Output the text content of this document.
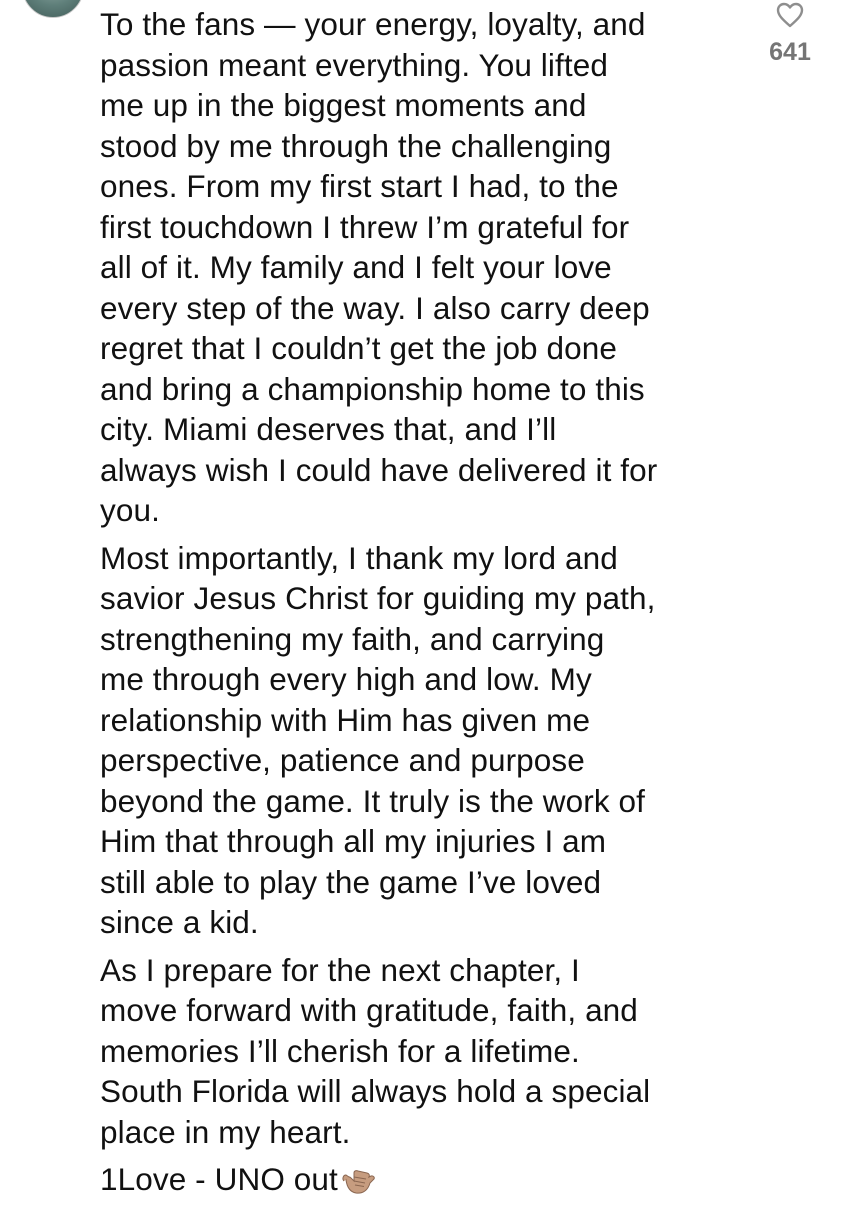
To the fans — your energy, loyalty, and
passion meant everything. You lifted
me up in the biggest moments and
stood by me through the challenging
ones. From my first start I had, to the
first touchdown I threw I’m grateful for
all of it. My family and I felt your love
every step of the way. I also carry deep
regret that I couldn’t get the job done
and bring a championship home to this
city. Miami deserves that, and I’ll
always wish I could have delivered it for
you.

Most importantly, I thank my lord and
savior Jesus Christ for guiding my path,
strengthening my faith, and carrying
me through every high and low. My
relationship with Him has given me
perspective, patience and purpose
beyond the game. It truly is the work of
Him that through all my injuries I am
still able to play the game I’ve loved
since a kid.

As I prepare for the next chapter, I
move forward with gratitude, faith, and
memories I’ll cherish for a lifetime.
South Florida will always hold a special
place in my heart.

1Love - UNO out
641
